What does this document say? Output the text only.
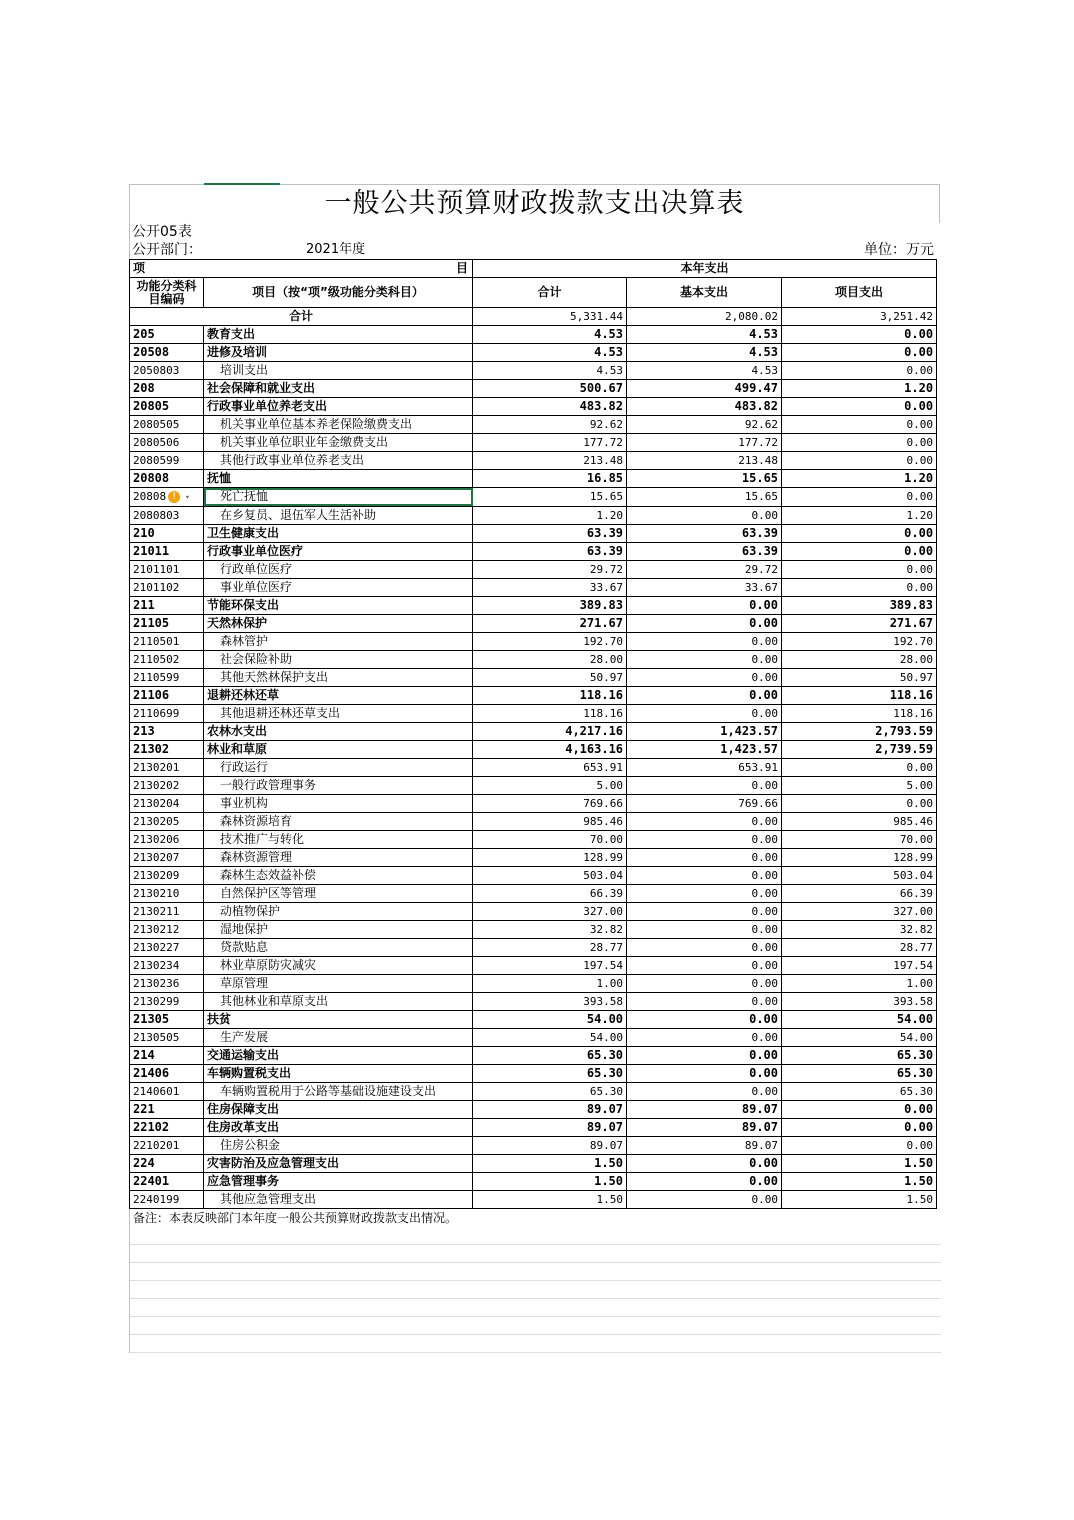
一般公共预算财政拨款支出决算表
公开05表
公开部门：	2021年度	单位：万元
项 目		本年支出		
功能分类科目编码	项目（按“项”级功能分类科目）	合计	基本支出	项目支出
合计		5,331.44	2,080.02	3,251.42
205	教育支出	4.53	4.53	0.00
20508	进修及培训	4.53	4.53	0.00
2050803	培训支出	4.53	4.53	0.00
208	社会保障和就业支出	500.67	499.47	1.20
20805	行政事业单位养老支出	483.82	483.82	0.00
2080505	机关事业单位基本养老保险缴费支出	92.62	92.62	0.00
2080506	机关事业单位职业年金缴费支出	177.72	177.72	0.00
2080599	其他行政事业单位养老支出	213.48	213.48	0.00
20808	抚恤	16.85	15.65	1.20
20808 ! ▾	死亡抚恤	15.65	15.65	0.00
2080803	在乡复员、退伍军人生活补助	1.20	0.00	1.20
210	卫生健康支出	63.39	63.39	0.00
21011	行政事业单位医疗	63.39	63.39	0.00
2101101	行政单位医疗	29.72	29.72	0.00
2101102	事业单位医疗	33.67	33.67	0.00
211	节能环保支出	389.83	0.00	389.83
21105	天然林保护	271.67	0.00	271.67
2110501	森林管护	192.70	0.00	192.70
2110502	社会保险补助	28.00	0.00	28.00
2110599	其他天然林保护支出	50.97	0.00	50.97
21106	退耕还林还草	118.16	0.00	118.16
2110699	其他退耕还林还草支出	118.16	0.00	118.16
213	农林水支出	4,217.16	1,423.57	2,793.59
21302	林业和草原	4,163.16	1,423.57	2,739.59
2130201	行政运行	653.91	653.91	0.00
2130202	一般行政管理事务	5.00	0.00	5.00
2130204	事业机构	769.66	769.66	0.00
2130205	森林资源培育	985.46	0.00	985.46
2130206	技术推广与转化	70.00	0.00	70.00
2130207	森林资源管理	128.99	0.00	128.99
2130209	森林生态效益补偿	503.04	0.00	503.04
2130210	自然保护区等管理	66.39	0.00	66.39
2130211	动植物保护	327.00	0.00	327.00
2130212	湿地保护	32.82	0.00	32.82
2130227	贷款贴息	28.77	0.00	28.77
2130234	林业草原防灾减灾	197.54	0.00	197.54
2130236	草原管理	1.00	0.00	1.00
2130299	其他林业和草原支出	393.58	0.00	393.58
21305	扶贫	54.00	0.00	54.00
2130505	生产发展	54.00	0.00	54.00
214	交通运输支出	65.30	0.00	65.30
21406	车辆购置税支出	65.30	0.00	65.30
2140601	车辆购置税用于公路等基础设施建设支出	65.30	0.00	65.30
221	住房保障支出	89.07	89.07	0.00
22102	住房改革支出	89.07	89.07	0.00
2210201	住房公积金	89.07	89.07	0.00
224	灾害防治及应急管理支出	1.50	0.00	1.50
22401	应急管理事务	1.50	0.00	1.50
2240199	其他应急管理支出	1.50	0.00	1.50
备注：本表反映部门本年度一般公共预算财政拨款支出情况。
